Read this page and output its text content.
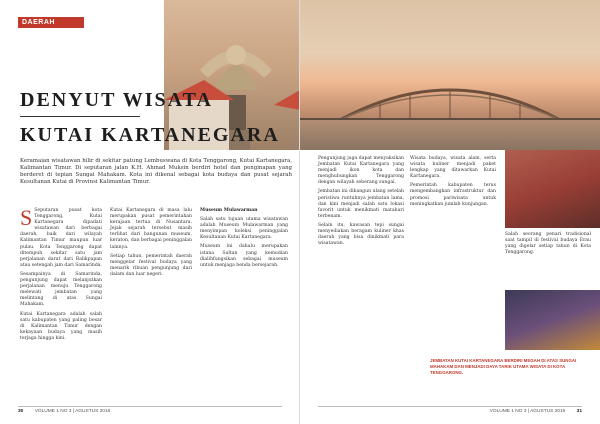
DAERAH
DENYUT WISATA
KUTAI KARTANEGARA
Keramaian wisatawan hilir di sekitar patung Lembuswana di Kota Tenggarong, Kutai Kartanegara, Kalimantan Timur. Di seputaran jalan K.H. Ahmad Muksin berdiri hotel dan penginapan yang berderet di tepian Sungai Mahakam. Kota ini dikenal sebagai kota budaya dan pusat sejarah Kesultanan Kutai di Provinsi Kalimantan Timur.

S Seputaran pusat kota Tenggarong, Kutai Kartanegara dipadati wisatawan dari berbagai daerah, baik dari wilayah Kalimantan Timur maupun luar pulau. Kota Tenggarong dapat ditempuh sekitar satu jam perjalanan darat dari Balikpapan atau setengah jam dari Samarinda.

Sesampainya di Samarinda, pengunjung dapat melanjutkan perjalanan menuju Tenggarong melewati jembatan yang melintang di atas Sungai Mahakam.

Kutai Kartanegara adalah salah satu kabupaten yang paling besar di Kalimantan Timur dengan kekayaan budaya yang masih terjaga hingga kini.

Kutai Kartanegara di masa lalu merupakan pusat pemerintahan kerajaan tertua di Nusantara. Jejak sejarah tersebut masih terlihat dari bangunan museum, keraton, dan berbagai peninggalan lainnya.

Setiap tahun, pemerintah daerah menggelar festival budaya yang menarik ribuan pengunjung dari dalam dan luar negeri.

Museum Mulawarman

Salah satu tujuan utama wisatawan adalah Museum Mulawarman yang menyimpan koleksi peninggalan Kesultanan Kutai Kartanegara.

Museum ini dahulu merupakan istana Sultan yang kemudian dialihfungsikan sebagai museum untuk menjaga benda bersejarah.

30 VOLUME 1 NO 3 | AGUSTUS 2016

Pengunjung juga dapat menyaksikan Jembatan Kutai Kartanegara yang menjadi ikon kota dan menghubungkan Tenggarong dengan wilayah seberang sungai.

Jembatan ini dibangun ulang setelah peristiwa runtuhnya jembatan lama, dan kini menjadi salah satu lokasi favorit untuk menikmati matahari terbenam.

Selain itu, kawasan tepi sungai menyediakan beragam kuliner khas daerah yang bisa dinikmati para wisatawan.

Wisata budaya, wisata alam, serta wisata kuliner menjadi paket lengkap yang ditawarkan Kutai Kartanegara.

Pemerintah kabupaten terus mengembangkan infrastruktur dan promosi pariwisata untuk meningkatkan jumlah kunjungan.

Salah seorang penari tradisional saat tampil di festival budaya Erau yang digelar setiap tahun di Kota Tenggarong.
JEMBATAN KUTAI KARTANEGARA BERDIRI MEGAH DI ATAS SUNGAI MAHAKAM DAN MENJADI DAYA TARIK UTAMA WISATA DI KOTA TENGGARONG.
VOLUME 1 NO 3 | AGUSTUS 2016 31
